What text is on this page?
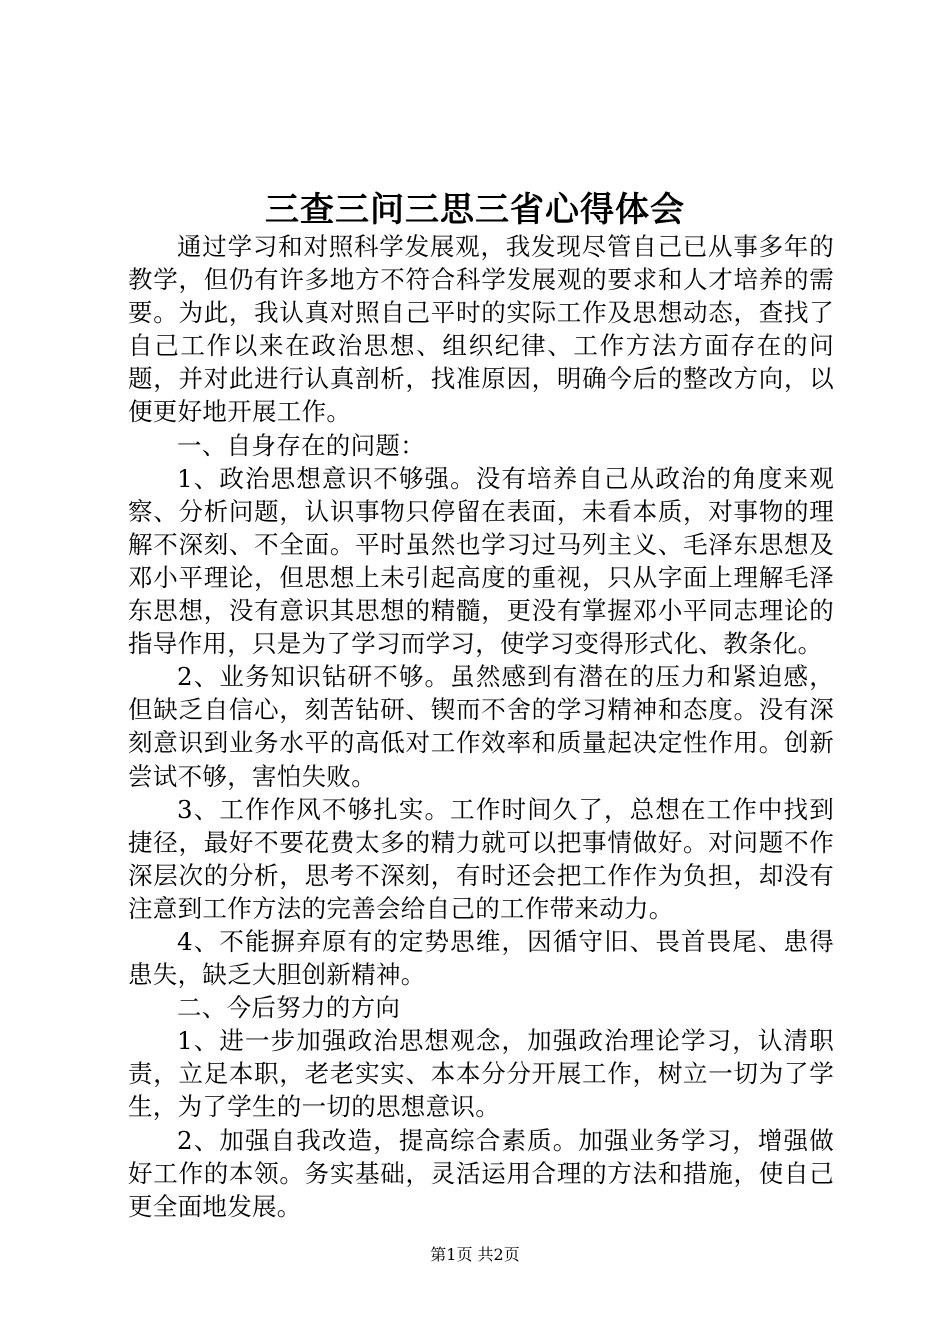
三查三问三思三省心得体会

通过学习和对照科学发展观，我发现尽管自己已从事多年的教学，但仍有许多地方不符合科学发展观的要求和人才培养的需要。为此，我认真对照自己平时的实际工作及思想动态，查找了自己工作以来在政治思想、组织纪律、工作方法方面存在的问题，并对此进行认真剖析，找准原因，明确今后的整改方向，以便更好地开展工作。

一、自身存在的问题：

1、政治思想意识不够强。没有培养自己从政治的角度来观察、分析问题，认识事物只停留在表面，未看本质，对事物的理解不深刻、不全面。平时虽然也学习过马列主义、毛泽东思想及邓小平理论，但思想上未引起高度的重视，只从字面上理解毛泽东思想，没有意识其思想的精髓，更没有掌握邓小平同志理论的指导作用，只是为了学习而学习，使学习变得形式化、教条化。

2、业务知识钻研不够。虽然感到有潜在的压力和紧迫感，但缺乏自信心，刻苦钻研、锲而不舍的学习精神和态度。没有深刻意识到业务水平的高低对工作效率和质量起决定性作用。创新尝试不够，害怕失败。

3、工作作风不够扎实。工作时间久了，总想在工作中找到捷径，最好不要花费太多的精力就可以把事情做好。对问题不作深层次的分析，思考不深刻，有时还会把工作作为负担，却没有注意到工作方法的完善会给自己的工作带来动力。

4、不能摒弃原有的定势思维，因循守旧、畏首畏尾、患得患失，缺乏大胆创新精神。

二、今后努力的方向

1、进一步加强政治思想观念，加强政治理论学习，认清职责，立足本职，老老实实、本本分分开展工作，树立一切为了学生，为了学生的一切的思想意识。

2、加强自我改造，提高综合素质。加强业务学习，增强做好工作的本领。务实基础，灵活运用合理的方法和措施，使自己更全面地发展。

第1页 共2页
